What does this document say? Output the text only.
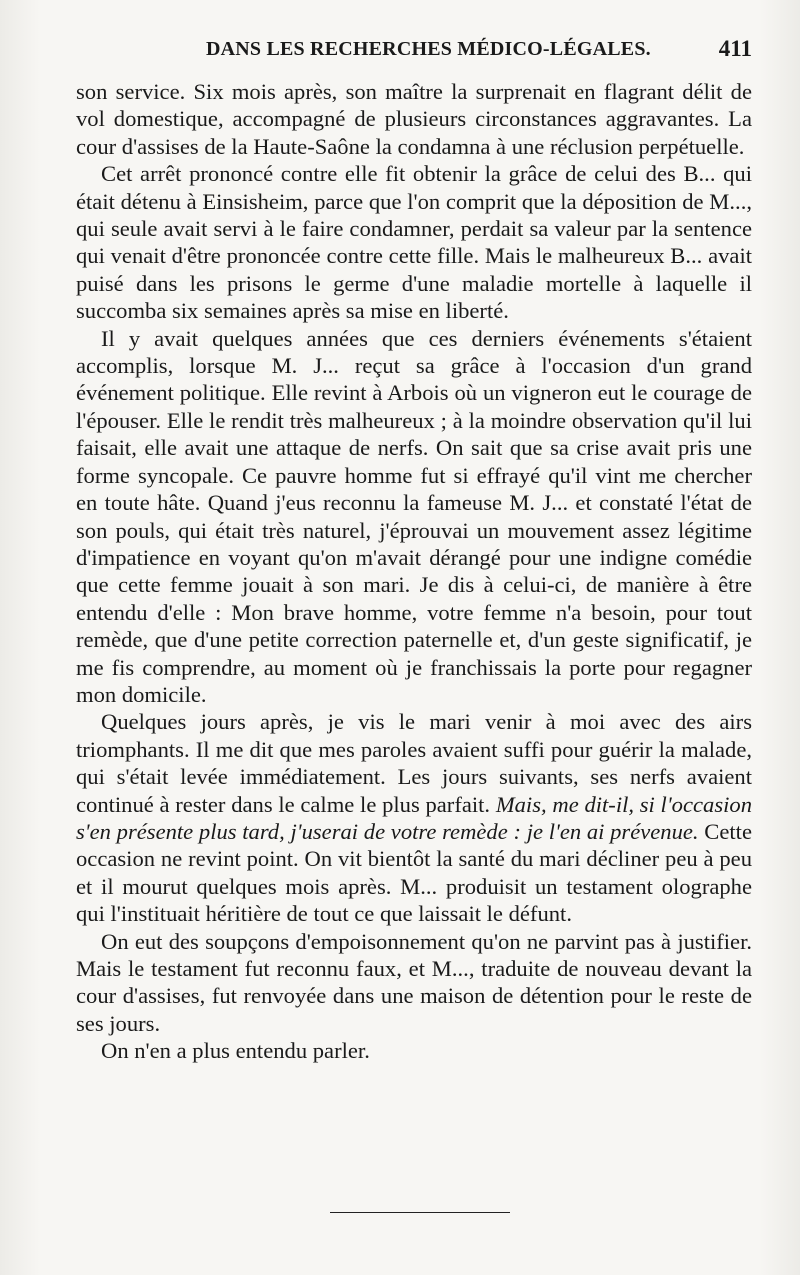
DANS LES RECHERCHES MÉDICO-LÉGALES.	411

son service. Six mois après, son maître la surprenait en flagrant délit de vol domestique, accompagné de plusieurs circonstances aggravantes. La cour d'assises de la Haute-Saône la condamna à une réclusion perpétuelle.

Cet arrêt prononcé contre elle fit obtenir la grâce de celui des B... qui était détenu à Einsisheim, parce que l'on comprit que la déposition de M..., qui seule avait servi à le faire condamner, perdait sa valeur par la sentence qui venait d'être prononcée contre cette fille. Mais le malheureux B... avait puisé dans les prisons le germe d'une maladie mortelle à laquelle il succomba six semaines après sa mise en liberté.

Il y avait quelques années que ces derniers événements s'étaient accomplis, lorsque M. J... reçut sa grâce à l'occasion d'un grand événement politique. Elle revint à Arbois où un vigneron eut le courage de l'épouser. Elle le rendit très malheureux ; à la moindre observation qu'il lui faisait, elle avait une attaque de nerfs. On sait que sa crise avait pris une forme syncopale. Ce pauvre homme fut si effrayé qu'il vint me chercher en toute hâte. Quand j'eus reconnu la fameuse M. J... et constaté l'état de son pouls, qui était très naturel, j'éprouvai un mouvement assez légitime d'impatience en voyant qu'on m'avait dérangé pour une indigne comédie que cette femme jouait à son mari. Je dis à celui-ci, de manière à être entendu d'elle : Mon brave homme, votre femme n'a besoin, pour tout remède, que d'une petite correction paternelle et, d'un geste significatif, je me fis comprendre, au moment où je franchissais la porte pour regagner mon domicile.

Quelques jours après, je vis le mari venir à moi avec des airs triomphants. Il me dit que mes paroles avaient suffi pour guérir la malade, qui s'était levée immédiatement. Les jours suivants, ses nerfs avaient continué à rester dans le calme le plus parfait. Mais, me dit-il, si l'occasion s'en présente plus tard, j'userai de votre remède : je l'en ai prévenue. Cette occasion ne revint point. On vit bientôt la santé du mari décliner peu à peu et il mourut quelques mois après. M... produisit un testament olographe qui l'instituait héritière de tout ce que laissait le défunt.

On eut des soupçons d'empoisonnement qu'on ne parvint pas à justifier. Mais le testament fut reconnu faux, et M..., traduite de nouveau devant la cour d'assises, fut renvoyée dans une maison de détention pour le reste de ses jours.

On n'en a plus entendu parler.
